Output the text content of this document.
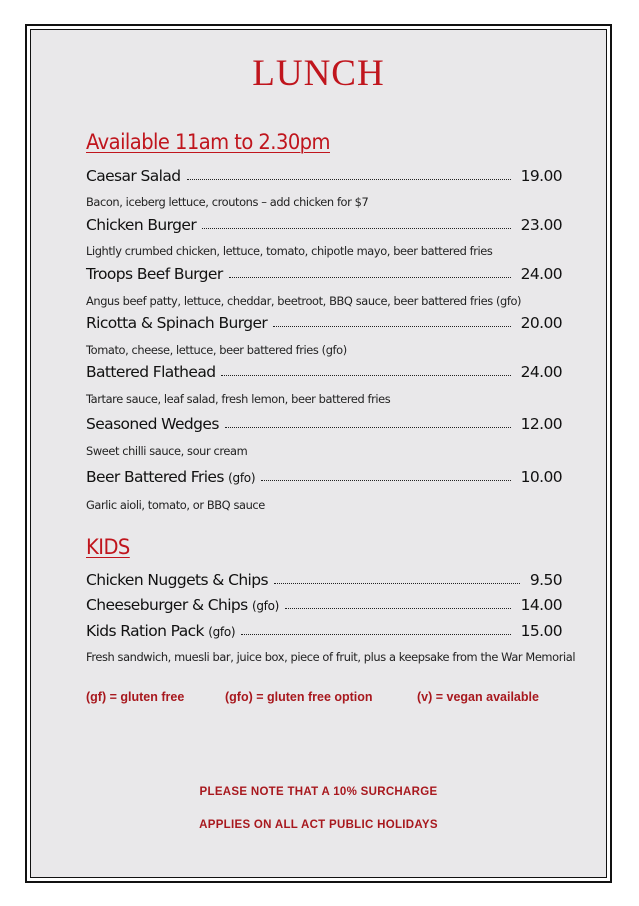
LUNCH
Available 11am to 2.30pm
Caesar Salad	19.00
Bacon, iceberg lettuce, croutons – add chicken for $7
Chicken Burger	23.00
Lightly crumbed chicken, lettuce, tomato, chipotle mayo, beer battered fries
Troops Beef Burger	24.00
Angus beef patty, lettuce, cheddar, beetroot, BBQ sauce, beer battered fries (gfo)
Ricotta & Spinach Burger	20.00
Tomato, cheese, lettuce, beer battered fries (gfo)
Battered Flathead	24.00
Tartare sauce, leaf salad, fresh lemon, beer battered fries
Seasoned Wedges	12.00
Sweet chilli sauce, sour cream
Beer Battered Fries (gfo)	10.00
Garlic aioli, tomato, or BBQ sauce
KIDS
Chicken Nuggets & Chips	9.50
Cheeseburger & Chips (gfo)	14.00
Kids Ration Pack (gfo)	15.00
Fresh sandwich, muesli bar, juice box, piece of fruit, plus a keepsake from the War Memorial
(gf) = gluten free	(gfo) = gluten free option	(v) = vegan available
PLEASE NOTE THAT A 10% SURCHARGE
APPLIES ON ALL ACT PUBLIC HOLIDAYS
